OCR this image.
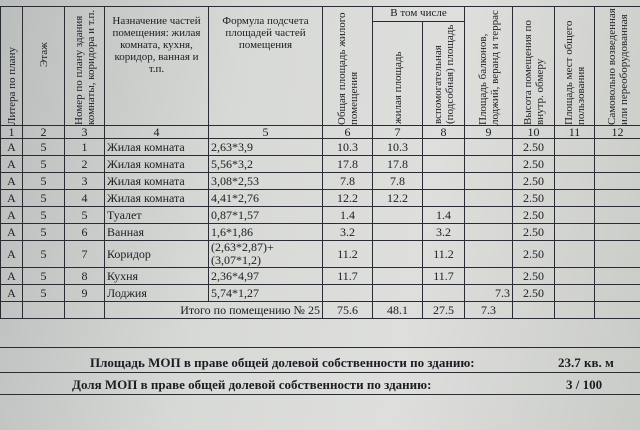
Литера по плану	Этаж	Номер по плану здания комнаты, коридора и т.п.	Назначение частей помещения: жилая комната, кухня, коридор, ванная и т.п.	Формула подсчета площадей частей помещения	Общая площадь жилого помещения	В том числе		Площадь балконов, лоджий, веранд и террас	Высота помещения по внутр. обмеру	Площадь мест общего пользования	Самовольно возведенная или переоборудованная

						жилая площадь	вспомогательная (подсобная) площадь				

1	2	3	4	5	6	7	8	9	10	11	12
А	5	1	Жилая комната	2,63*3,9	10.3	10.3			2.50		
А	5	2	Жилая комната	5,56*3,2	17.8	17.8			2.50		
А	5	3	Жилая комната	3,08*2,53	7.8	7.8			2.50		
А	5	4	Жилая комната	4,41*2,76	12.2	12.2			2.50		
А	5	5	Туалет	0,87*1,57	1.4		1.4		2.50		
А	5	6	Ванная	1,6*1,86	3.2		3.2		2.50		
А	5	7	Коридор	(2,63*2,87)+(3,07*1,2)	11.2		11.2		2.50		
А	5	8	Кухня	2,36*4,97	11.7		11.7		2.50		
А	5	9	Лоджия	5,74*1,27				7.3	2.50		
			Итого по помещению № 25		75.6	48.1	27.5	7.3			
Площадь МОП в праве общей долевой собственности по зданию:	23.7 кв. м
Доля МОП в праве общей долевой собственности по зданию:	3 / 100
